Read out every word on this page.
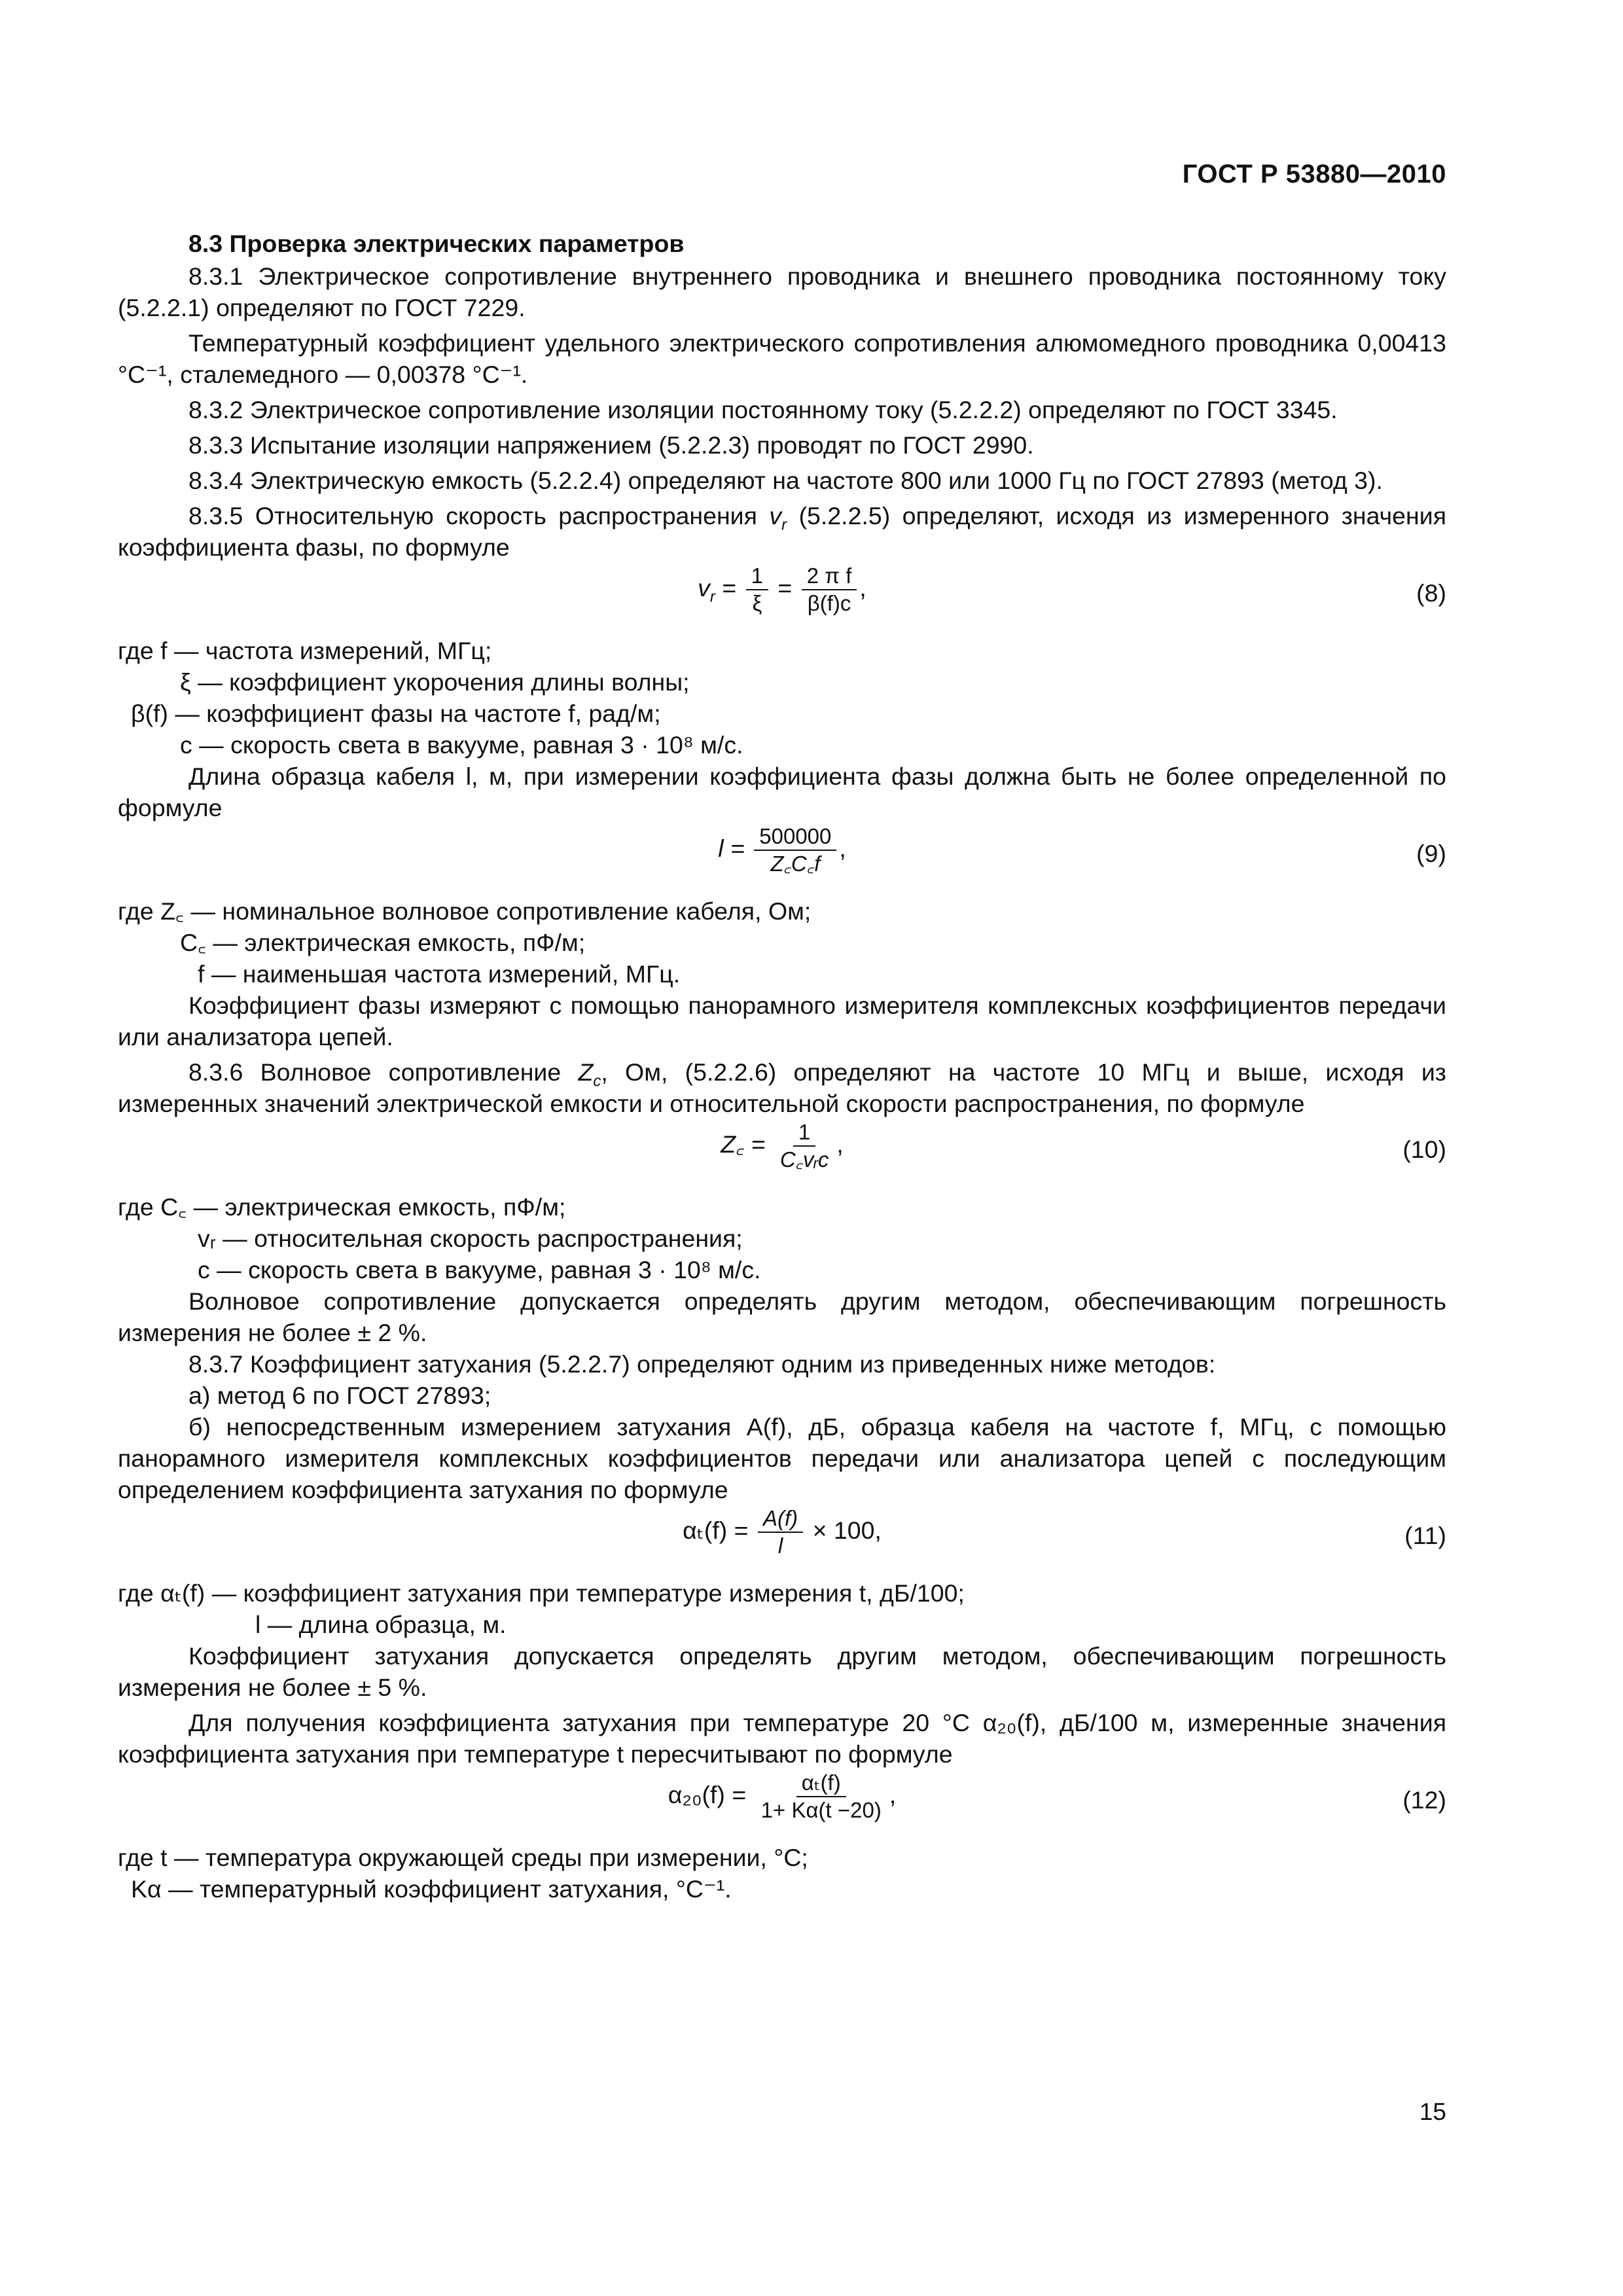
ГОСТ Р 53880—2010

8.3 Проверка электрических параметров

8.3.1 Электрическое сопротивление внутреннего проводника и внешнего проводника постоянному току (5.2.2.1) определяют по ГОСТ 7229.

Температурный коэффициент удельного электрического сопротивления алюмомедного проводника 0,00413 °С⁻¹, сталемедного — 0,00378 °С⁻¹.

8.3.2 Электрическое сопротивление изоляции постоянному току (5.2.2.2) определяют по ГОСТ 3345.

8.3.3 Испытание изоляции напряжением (5.2.2.3) проводят по ГОСТ 2990.

8.3.4 Электрическую емкость (5.2.2.4) определяют на частоте 800 или 1000 Гц по ГОСТ 27893 (метод 3).

8.3.5 Относительную скорость распространения $v_r$ (5.2.2.5) определяют, исходя из измеренного значения коэффициента фазы, по формуле

$v_r = \frac{1}{\xi} = \frac{\text{2 π f}}{\beta(f)c}$ ,	(8)

где f — частота измерений, МГц;

ξ — коэффициент укорочения длины волны;

β(f) — коэффициент фазы на частоте f, рад/м;

c — скорость света в вакууме, равная 3 · 10⁸ м/с.

Длина образца кабеля l, м, при измерении коэффициента фазы должна быть не более определенной по формуле

$l = \frac{500000}{Z꜀C꜀f}$ ,	(9)

где Z꜀ — номинальное волновое сопротивление кабеля, Ом;

C꜀ — электрическая емкость, пФ/м;

f — наименьшая частота измерений, МГц.

Коэффициент фазы измеряют с помощью панорамного измерителя комплексных коэффициентов передачи или анализатора цепей.

8.3.6 Волновое сопротивление $Z_c$, Ом, (5.2.2.6) определяют на частоте 10 МГц и выше, исходя из измеренных значений электрической емкости и относительной скорости распространения, по формуле

Z꜀ = $\frac{1}{\text{C꜀vᵣc}}$ ,	(10)

где C꜀ — электрическая емкость, пФ/м;

vᵣ — относительная скорость распространения;

c — скорость света в вакууме, равная 3 · 10⁸ м/с.

Волновое сопротивление допускается определять другим методом, обеспечивающим погрешность измерения не более ± 2 %.

8.3.7 Коэффициент затухания (5.2.2.7) определяют одним из приведенных ниже методов:

а) метод 6 по ГОСТ 27893;

б) непосредственным измерением затухания A(f), дБ, образца кабеля на частоте f, МГц, с помощью панорамного измерителя комплексных коэффициентов передачи или анализатора цепей с последующим определением коэффициента затухания по формуле

$\alpha_t(f) = \frac{A(f)}{l} \times 100$,	(11)

где αₜ(f) — коэффициент затухания при температуре измерения t, дБ/100;

l — длина образца, м.

Коэффициент затухания допускается определять другим методом, обеспечивающим погрешность измерения не более ± 5 %.

Для получения коэффициента затухания при температуре 20 °С α₂₀(f), дБ/100 м, измеренные значения коэффициента затухания при температуре t пересчитывают по формуле

$\alpha_{20}(f) = \frac{\text{αₜ(f)}}{1+ K\alpha(t -20)}$ ,	(12)

где t — температура окружающей среды при измерении, °С;

Kα — температурный коэффициент затухания, °С⁻¹.

15
